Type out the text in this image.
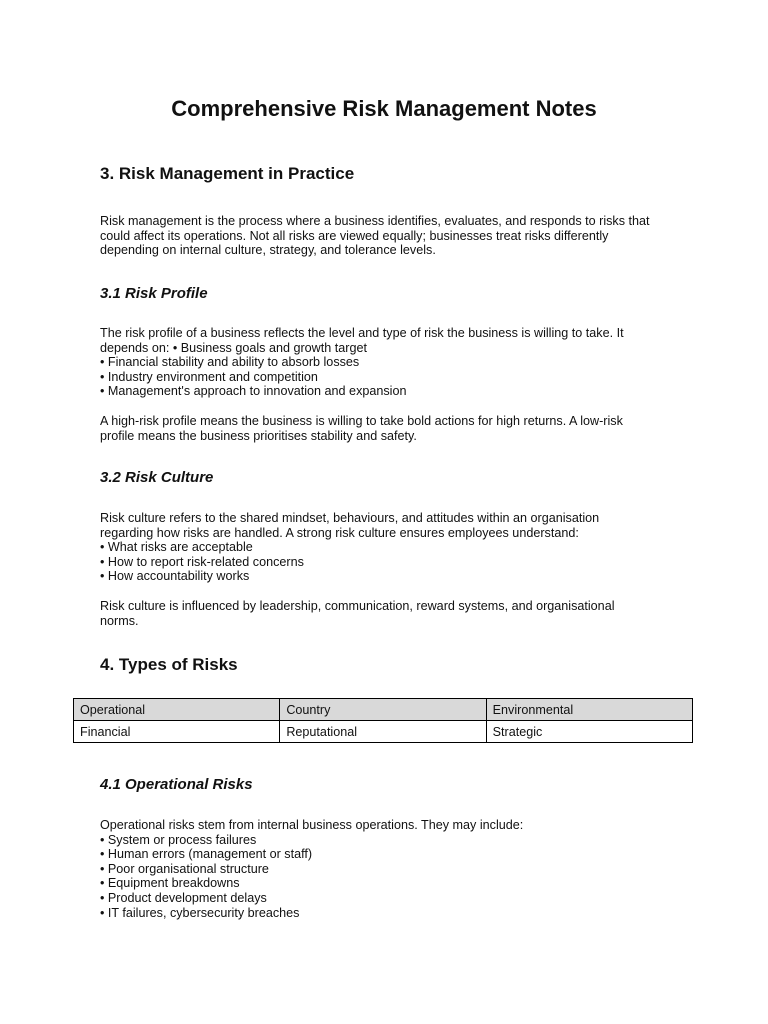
Comprehensive Risk Management Notes
3. Risk Management in Practice
Risk management is the process where a business identifies, evaluates, and responds to risks that
could affect its operations. Not all risks are viewed equally; businesses treat risks differently
depending on internal culture, strategy, and tolerance levels.
3.1 Risk Profile
The risk profile of a business reflects the level and type of risk the business is willing to take. It
depends on: • Business goals and growth target
• Financial stability and ability to absorb losses
• Industry environment and competition
• Management's approach to innovation and expansion
A high-risk profile means the business is willing to take bold actions for high returns. A low-risk
profile means the business prioritises stability and safety.
3.2 Risk Culture
Risk culture refers to the shared mindset, behaviours, and attitudes within an organisation
regarding how risks are handled. A strong risk culture ensures employees understand:
• What risks are acceptable
• How to report risk-related concerns
• How accountability works
Risk culture is influenced by leadership, communication, reward systems, and organisational
norms.
4. Types of Risks
Operational	Country	Environmental
Financial	Reputational	Strategic
4.1 Operational Risks
Operational risks stem from internal business operations. They may include:
• System or process failures
• Human errors (management or staff)
• Poor organisational structure
• Equipment breakdowns
• Product development delays
• IT failures, cybersecurity breaches
